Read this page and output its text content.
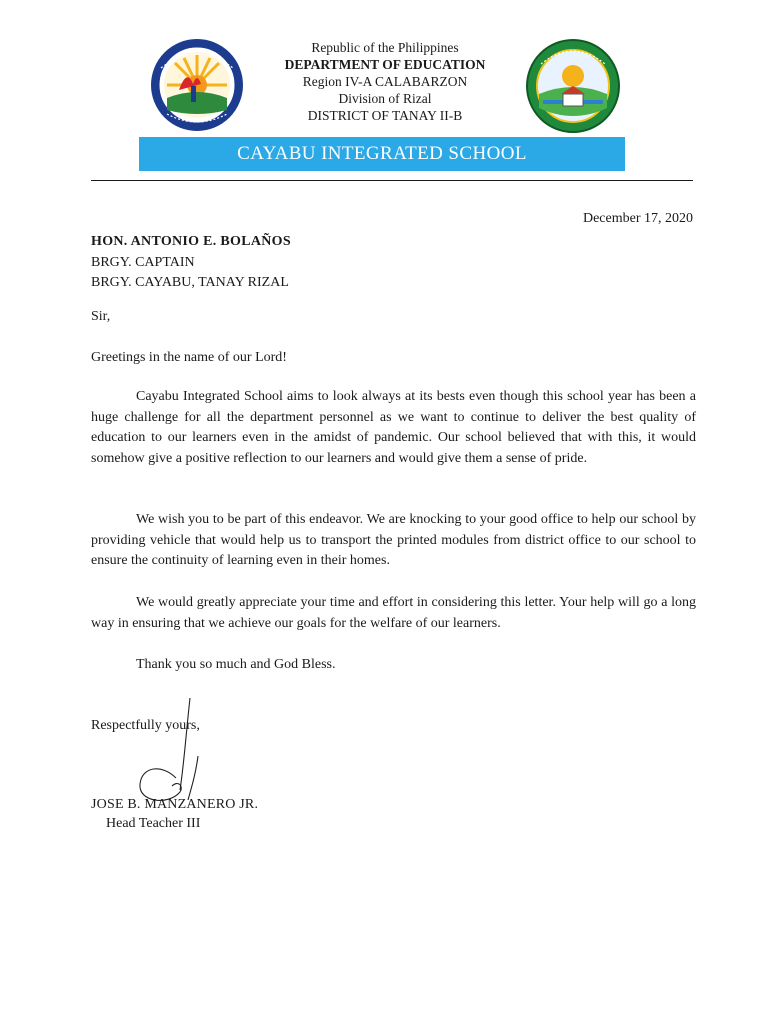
Republic of the Philippines
DEPARTMENT OF EDUCATION
Region IV-A CALABARZON
Division of Rizal
DISTRICT OF TANAY II-B
CAYABU INTEGRATED SCHOOL
December 17, 2020
HON. ANTONIO E. BOLAÑOS
BRGY. CAPTAIN
BRGY. CAYABU, TANAY RIZAL

Sir,

Greetings in the name of our Lord!

Cayabu Integrated School aims to look always at its bests even though this school year has been a huge challenge for all the department personnel as we want to continue to deliver the best quality of education to our learners even in the amidst of pandemic. Our school believed that with this, it would somehow give a positive reflection to our learners and would give them a sense of pride.

We wish you to be part of this endeavor. We are knocking to your good office to help our school by providing vehicle that would help us to transport the printed modules from district office to our school to ensure the continuity of learning even in their homes.

We would greatly appreciate your time and effort in considering this letter. Your help will go a long way in ensuring that we achieve our goals for the welfare of our learners.

Thank you so much and God Bless.

Respectfully yours,

JOSE B. MANZANERO JR.
Head Teacher III
